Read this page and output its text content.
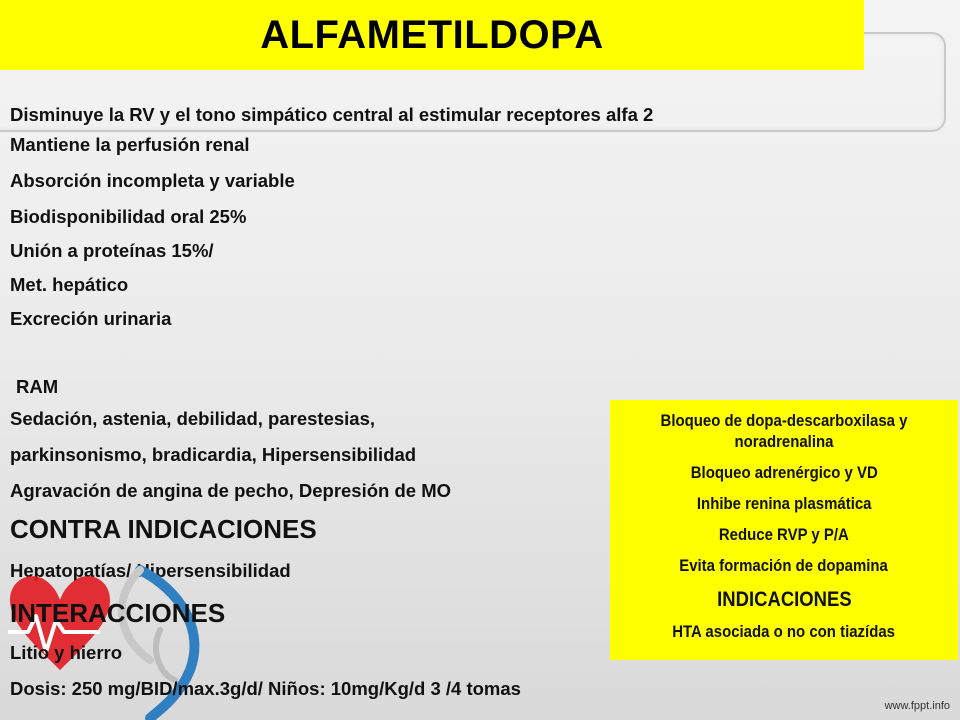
ALFAMETILDOPA
Disminuye la RV y el tono simpático central al estimular receptores alfa 2
Mantiene la perfusión renal
Absorción incompleta y variable
Biodisponibilidad oral 25%
Unión a proteínas 15%/
Met. hepático
Excreción urinaria
RAM
Sedación, astenia, debilidad, parestesias,
parkinsonismo, bradicardia, Hipersensibilidad
Agravación de angina de pecho, Depresión de MO
CONTRA INDICACIONES
Hepatopatías/ Hipersensibilidad
INTERACCIONES
Litio y hierro
Dosis: 250 mg/BID/max.3g/d/ Niños: 10mg/Kg/d 3 /4 tomas
Bloqueo de dopa-descarboxilasa y noradrenalina
Bloqueo adrenérgico y VD
Inhibe renina plasmática
Reduce RVP y P/A
Evita formación de dopamina
INDICACIONES
HTA asociada o no con tiazídas
www.fppt.info
